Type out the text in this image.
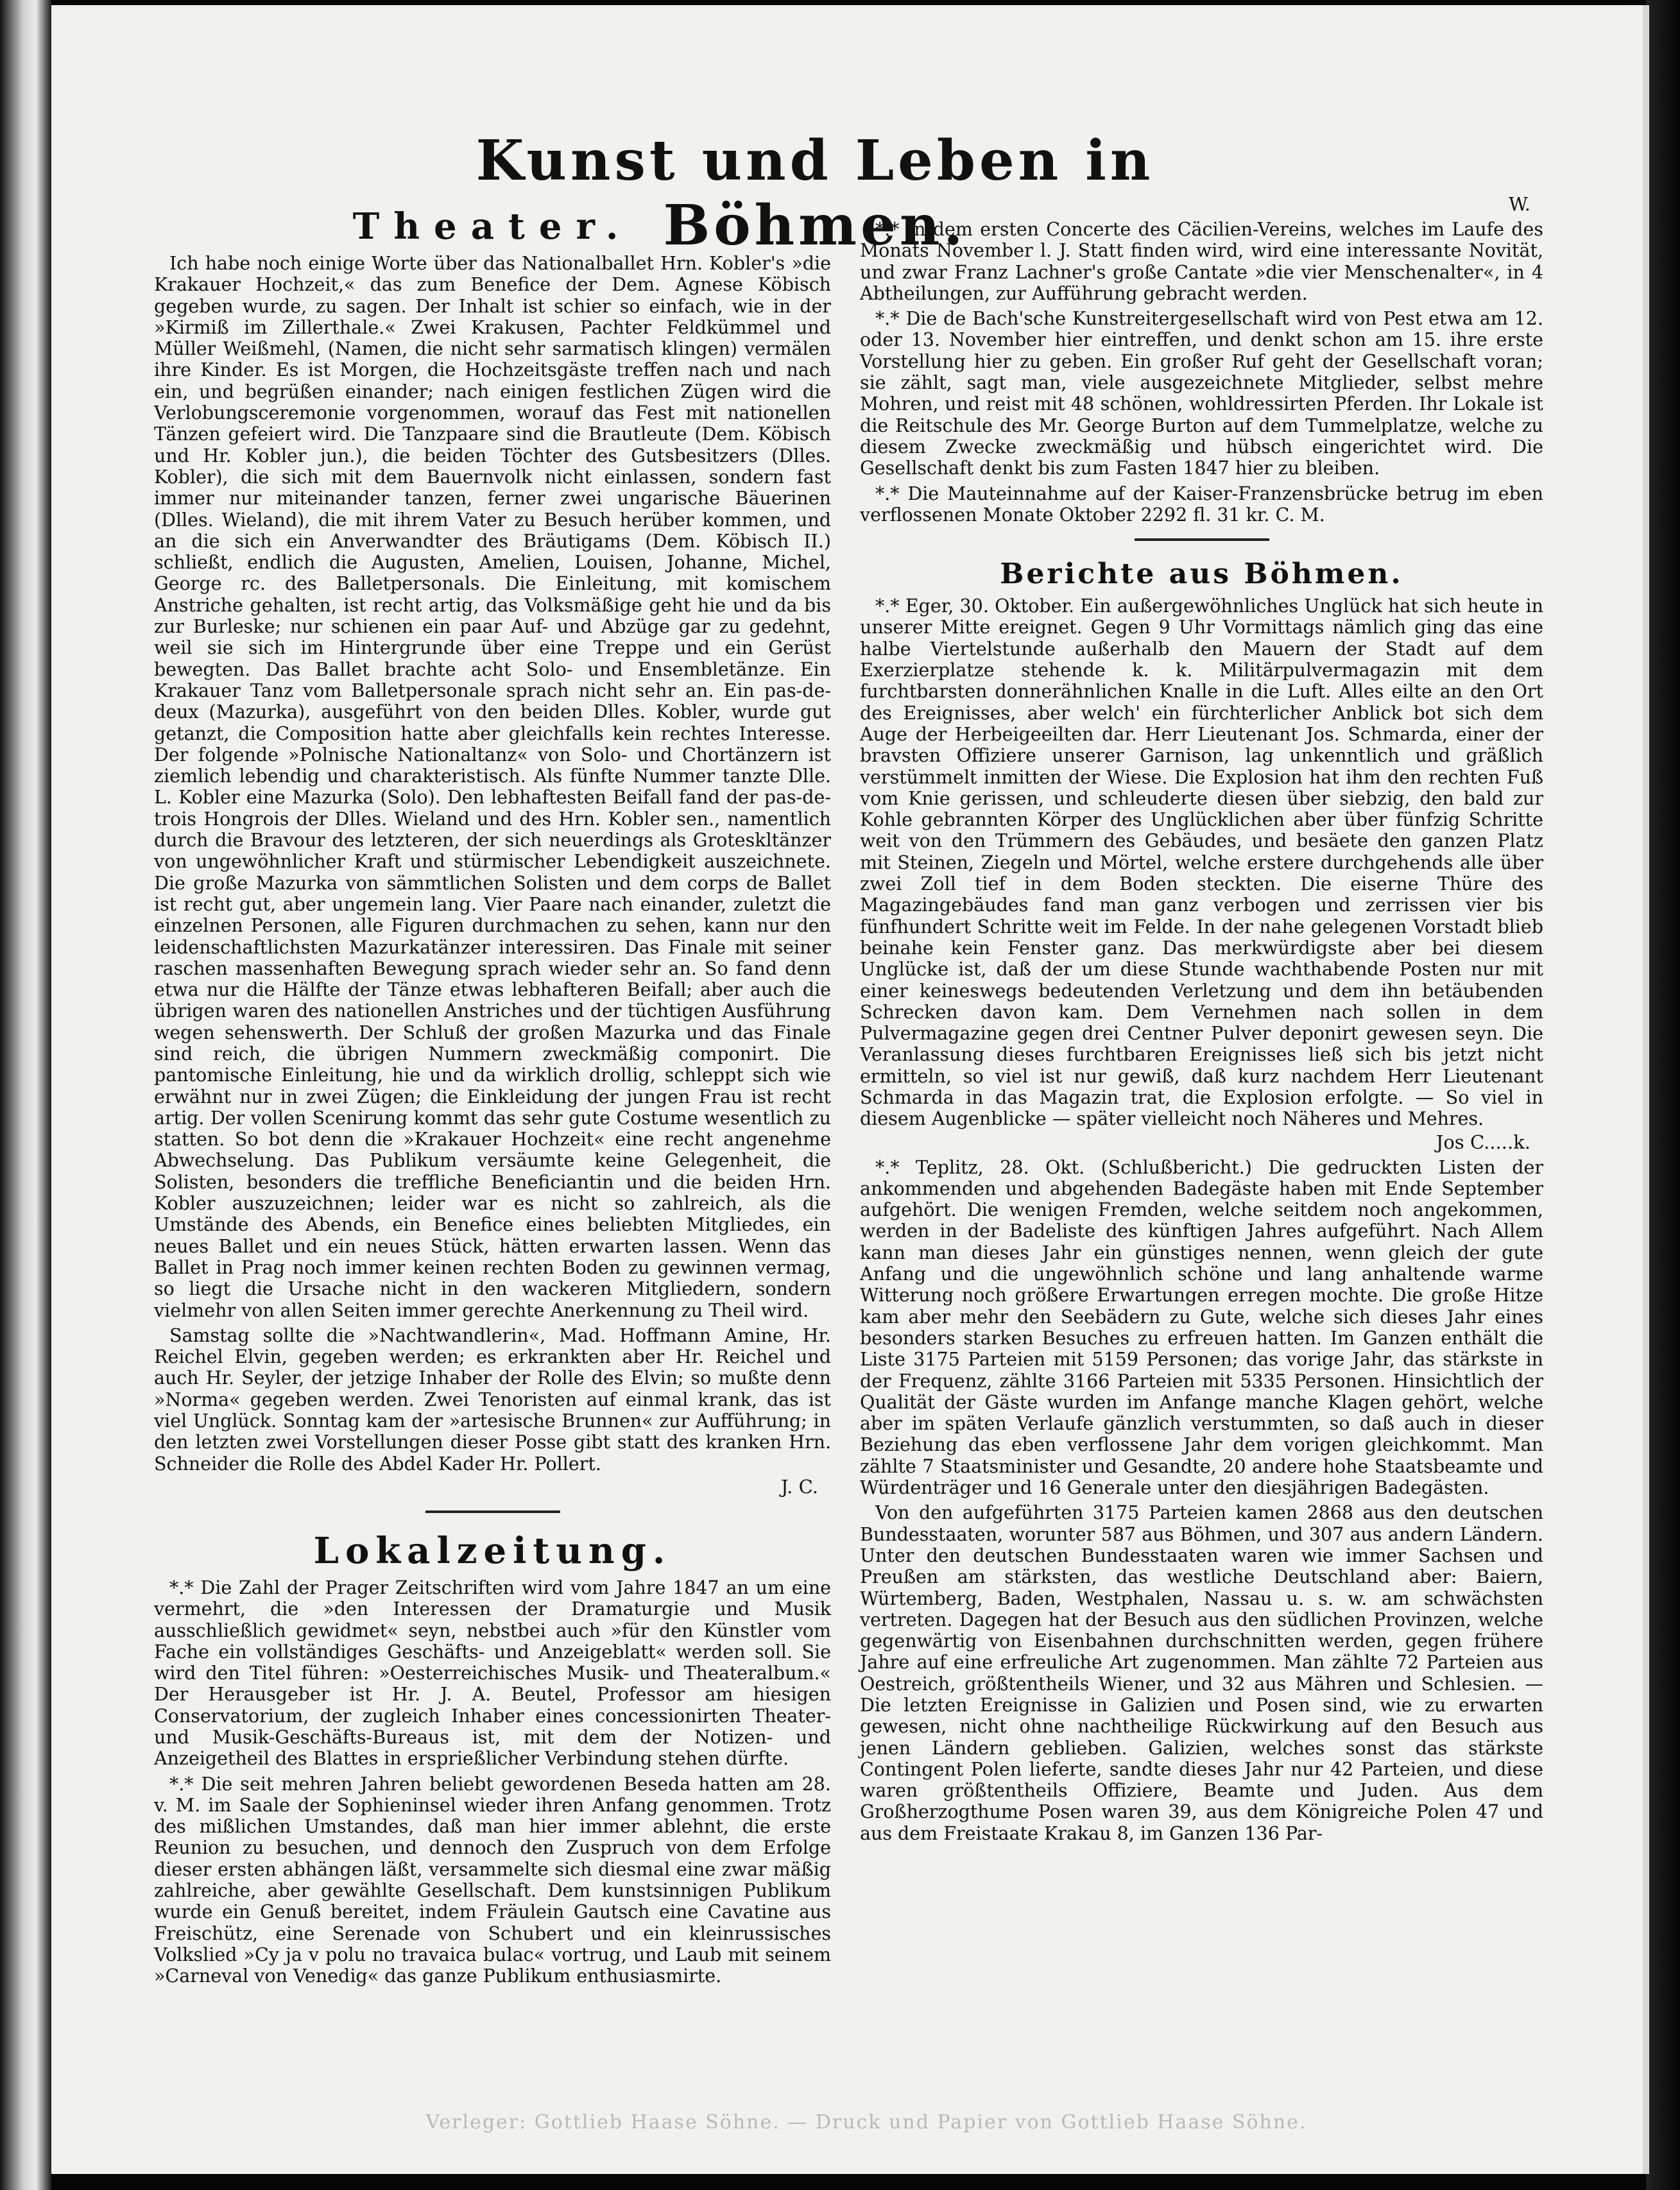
Kunst und Leben in Böhmen.
Theater.

Ich habe noch einige Worte über das Nationalballet Hrn. Kobler's »die Krakauer Hochzeit,« das zum Benefice der Dem. Agnese Köbisch gegeben wurde, zu sagen. Der Inhalt ist schier so einfach, wie in der »Kirmiß im Zillerthale.« Zwei Krakusen, Pachter Feldkümmel und Müller Weißmehl, (Namen, die nicht sehr sarmatisch klingen) vermälen ihre Kinder. Es ist Morgen, die Hochzeitsgäste treffen nach und nach ein, und begrüßen einander; nach einigen festlichen Zügen wird die Verlobungsceremonie vorgenommen, worauf das Fest mit nationellen Tänzen gefeiert wird. Die Tanzpaare sind die Brautleute (Dem. Köbisch und Hr. Kobler jun.), die beiden Töchter des Gutsbesitzers (Dlles. Kobler), die sich mit dem Bauernvolk nicht einlassen, sondern fast immer nur miteinander tanzen, ferner zwei ungarische Bäuerinen (Dlles. Wieland), die mit ihrem Vater zu Besuch herüber kommen, und an die sich ein Anverwandter des Bräutigams (Dem. Köbisch II.) schließt, endlich die Augusten, Amelien, Louisen, Johanne, Michel, George rc. des Balletpersonals. Die Einleitung, mit komischem Anstriche gehalten, ist recht artig, das Volksmäßige geht hie und da bis zur Burleske; nur schienen ein paar Auf- und Abzüge gar zu gedehnt, weil sie sich im Hintergrunde über eine Treppe und ein Gerüst bewegten. Das Ballet brachte acht Solo- und Ensembletänze. Ein Krakauer Tanz vom Balletpersonale sprach nicht sehr an. Ein pas-de-deux (Mazurka), ausgeführt von den beiden Dlles. Kobler, wurde gut getanzt, die Composition hatte aber gleichfalls kein rechtes Interesse. Der folgende »Polnische Nationaltanz« von Solo- und Chortänzern ist ziemlich lebendig und charakteristisch. Als fünfte Nummer tanzte Dlle. L. Kobler eine Mazurka (Solo). Den lebhaftesten Beifall fand der pas-de-trois Hongrois der Dlles. Wieland und des Hrn. Kobler sen., namentlich durch die Bravour des letzteren, der sich neuerdings als Groteskltänzer von ungewöhnlicher Kraft und stürmischer Lebendigkeit auszeichnete. Die große Mazurka von sämmtlichen Solisten und dem corps de Ballet ist recht gut, aber ungemein lang. Vier Paare nach einander, zuletzt die einzelnen Personen, alle Figuren durchmachen zu sehen, kann nur den leidenschaftlichsten Mazurkatänzer interessiren. Das Finale mit seiner raschen massenhaften Bewegung sprach wieder sehr an. So fand denn etwa nur die Hälfte der Tänze etwas lebhafteren Beifall; aber auch die übrigen waren des nationellen Anstriches und der tüchtigen Ausführung wegen sehenswerth. Der Schluß der großen Mazurka und das Finale sind reich, die übrigen Nummern zweckmäßig componirt. Die pantomische Einleitung, hie und da wirklich drollig, schleppt sich wie erwähnt nur in zwei Zügen; die Einkleidung der jungen Frau ist recht artig. Der vollen Scenirung kommt das sehr gute Costume wesentlich zu statten. So bot denn die »Krakauer Hochzeit« eine recht angenehme Abwechselung. Das Publikum versäumte keine Gelegenheit, die Solisten, besonders die treffliche Beneficiantin und die beiden Hrn. Kobler auszuzeichnen; leider war es nicht so zahlreich, als die Umstände des Abends, ein Benefice eines beliebten Mitgliedes, ein neues Ballet und ein neues Stück, hätten erwarten lassen. Wenn das Ballet in Prag noch immer keinen rechten Boden zu gewinnen vermag, so liegt die Ursache nicht in den wackeren Mitgliedern, sondern vielmehr von allen Seiten immer gerechte Anerkennung zu Theil wird.

Samstag sollte die »Nachtwandlerin«, Mad. Hoffmann Amine, Hr. Reichel Elvin, gegeben werden; es erkrankten aber Hr. Reichel und auch Hr. Seyler, der jetzige Inhaber der Rolle des Elvin; so mußte denn »Norma« gegeben werden. Zwei Tenoristen auf einmal krank, das ist viel Unglück. Sonntag kam der »artesische Brunnen« zur Aufführung; in den letzten zwei Vorstellungen dieser Posse gibt statt des kranken Hrn. Schneider die Rolle des Abdel Kader Hr. Pollert.

J. C.
Lokalzeitung.

*.* Die Zahl der Prager Zeitschriften wird vom Jahre 1847 an um eine vermehrt, die »den Interessen der Dramaturgie und Musik ausschließlich gewidmet« seyn, nebstbei auch »für den Künstler vom Fache ein vollständiges Geschäfts- und Anzeigeblatt« werden soll. Sie wird den Titel führen: »Oesterreichisches Musik- und Theateralbum.« Der Herausgeber ist Hr. J. A. Beutel, Professor am hiesigen Conservatorium, der zugleich Inhaber eines concessionirten Theater- und Musik-Geschäfts-Bureaus ist, mit dem der Notizen- und Anzeigetheil des Blattes in ersprießlicher Verbindung stehen dürfte.

*.* Die seit mehren Jahren beliebt gewordenen Beseda hatten am 28. v. M. im Saale der Sophieninsel wieder ihren Anfang genommen. Trotz des mißlichen Umstandes, daß man hier immer ablehnt, die erste Reunion zu besuchen, und dennoch den Zuspruch von dem Erfolge dieser ersten abhängen läßt, versammelte sich diesmal eine zwar mäßig zahlreiche, aber gewählte Gesellschaft. Dem kunstsinnigen Publikum wurde ein Genuß bereitet, indem Fräulein Gautsch eine Cavatine aus Freischütz, eine Serenade von Schubert und ein kleinrussisches Volkslied »Cy ja v polu no travaica bulac« vortrug, und Laub mit seinem »Carneval von Venedig« das ganze Publikum enthusiasmirte.

W.

*.* In dem ersten Concerte des Cäcilien-Vereins, welches im Laufe des Monats November l. J. Statt finden wird, wird eine interessante Novität, und zwar Franz Lachner's große Cantate »die vier Menschenalter«, in 4 Abtheilungen, zur Aufführung gebracht werden.

*.* Die de Bach'sche Kunstreitergesellschaft wird von Pest etwa am 12. oder 13. November hier eintreffen, und denkt schon am 15. ihre erste Vorstellung hier zu geben. Ein großer Ruf geht der Gesellschaft voran; sie zählt, sagt man, viele ausgezeichnete Mitglieder, selbst mehre Mohren, und reist mit 48 schönen, wohldressirten Pferden. Ihr Lokale ist die Reitschule des Mr. George Burton auf dem Tummelplatze, welche zu diesem Zwecke zweckmäßig und hübsch eingerichtet wird. Die Gesellschaft denkt bis zum Fasten 1847 hier zu bleiben.

*.* Die Mauteinnahme auf der Kaiser-Franzensbrücke betrug im eben verflossenen Monate Oktober 2292 fl. 31 kr. C. M.

Berichte aus Böhmen.

*.* Eger, 30. Oktober. Ein außergewöhnliches Unglück hat sich heute in unserer Mitte ereignet. Gegen 9 Uhr Vormittags nämlich ging das eine halbe Viertelstunde außerhalb den Mauern der Stadt auf dem Exerzierplatze stehende k. k. Militärpulvermagazin mit dem furchtbarsten donnerähnlichen Knalle in die Luft. Alles eilte an den Ort des Ereignisses, aber welch' ein fürchterlicher Anblick bot sich dem Auge der Herbeigeeilten dar. Herr Lieutenant Jos. Schmarda, einer der bravsten Offiziere unserer Garnison, lag unkenntlich und gräßlich verstümmelt inmitten der Wiese. Die Explosion hat ihm den rechten Fuß vom Knie gerissen, und schleuderte diesen über siebzig, den bald zur Kohle gebrannten Körper des Unglücklichen aber über fünfzig Schritte weit von den Trümmern des Gebäudes, und besäete den ganzen Platz mit Steinen, Ziegeln und Mörtel, welche erstere durchgehends alle über zwei Zoll tief in dem Boden steckten. Die eiserne Thüre des Magazingebäudes fand man ganz verbogen und zerrissen vier bis fünfhundert Schritte weit im Felde. In der nahe gelegenen Vorstadt blieb beinahe kein Fenster ganz. Das merkwürdigste aber bei diesem Unglücke ist, daß der um diese Stunde wachthabende Posten nur mit einer keineswegs bedeutenden Verletzung und dem ihn betäubenden Schrecken davon kam. Dem Vernehmen nach sollen in dem Pulvermagazine gegen drei Centner Pulver deponirt gewesen seyn. Die Veranlassung dieses furchtbaren Ereignisses ließ sich bis jetzt nicht ermitteln, so viel ist nur gewiß, daß kurz nachdem Herr Lieutenant Schmarda in das Magazin trat, die Explosion erfolgte. — So viel in diesem Augenblicke — später vielleicht noch Näheres und Mehres.

Jos C.....k.

*.* Teplitz, 28. Okt. (Schlußbericht.) Die gedruckten Listen der ankommenden und abgehenden Badegäste haben mit Ende September aufgehört. Die wenigen Fremden, welche seitdem noch angekommen, werden in der Badeliste des künftigen Jahres aufgeführt. Nach Allem kann man dieses Jahr ein günstiges nennen, wenn gleich der gute Anfang und die ungewöhnlich schöne und lang anhaltende warme Witterung noch größere Erwartungen erregen mochte. Die große Hitze kam aber mehr den Seebädern zu Gute, welche sich dieses Jahr eines besonders starken Besuches zu erfreuen hatten. Im Ganzen enthält die Liste 3175 Parteien mit 5159 Personen; das vorige Jahr, das stärkste in der Frequenz, zählte 3166 Parteien mit 5335 Personen. Hinsichtlich der Qualität der Gäste wurden im Anfange manche Klagen gehört, welche aber im späten Verlaufe gänzlich verstummten, so daß auch in dieser Beziehung das eben verflossene Jahr dem vorigen gleichkommt. Man zählte 7 Staatsminister und Gesandte, 20 andere hohe Staatsbeamte und Würdenträger und 16 Generale unter den diesjährigen Badegästen.

Von den aufgeführten 3175 Parteien kamen 2868 aus den deutschen Bundesstaaten, worunter 587 aus Böhmen, und 307 aus andern Ländern. Unter den deutschen Bundesstaaten waren wie immer Sachsen und Preußen am stärksten, das westliche Deutschland aber: Baiern, Würtemberg, Baden, Westphalen, Nassau u. s. w. am schwächsten vertreten. Dagegen hat der Besuch aus den südlichen Provinzen, welche gegenwärtig von Eisenbahnen durchschnitten werden, gegen frühere Jahre auf eine erfreuliche Art zugenommen. Man zählte 72 Parteien aus Oestreich, größtentheils Wiener, und 32 aus Mähren und Schlesien. — Die letzten Ereignisse in Galizien und Posen sind, wie zu erwarten gewesen, nicht ohne nachtheilige Rückwirkung auf den Besuch aus jenen Ländern geblieben. Galizien, welches sonst das stärkste Contingent Polen lieferte, sandte dieses Jahr nur 42 Parteien, und diese waren größtentheils Offiziere, Beamte und Juden. Aus dem Großherzogthume Posen waren 39, aus dem Königreiche Polen 47 und aus dem Freistaate Krakau 8, im Ganzen 136 Par-

Verleger: Gottlieb Haase Söhne. — Druck und Papier von Gottlieb Haase Söhne.
